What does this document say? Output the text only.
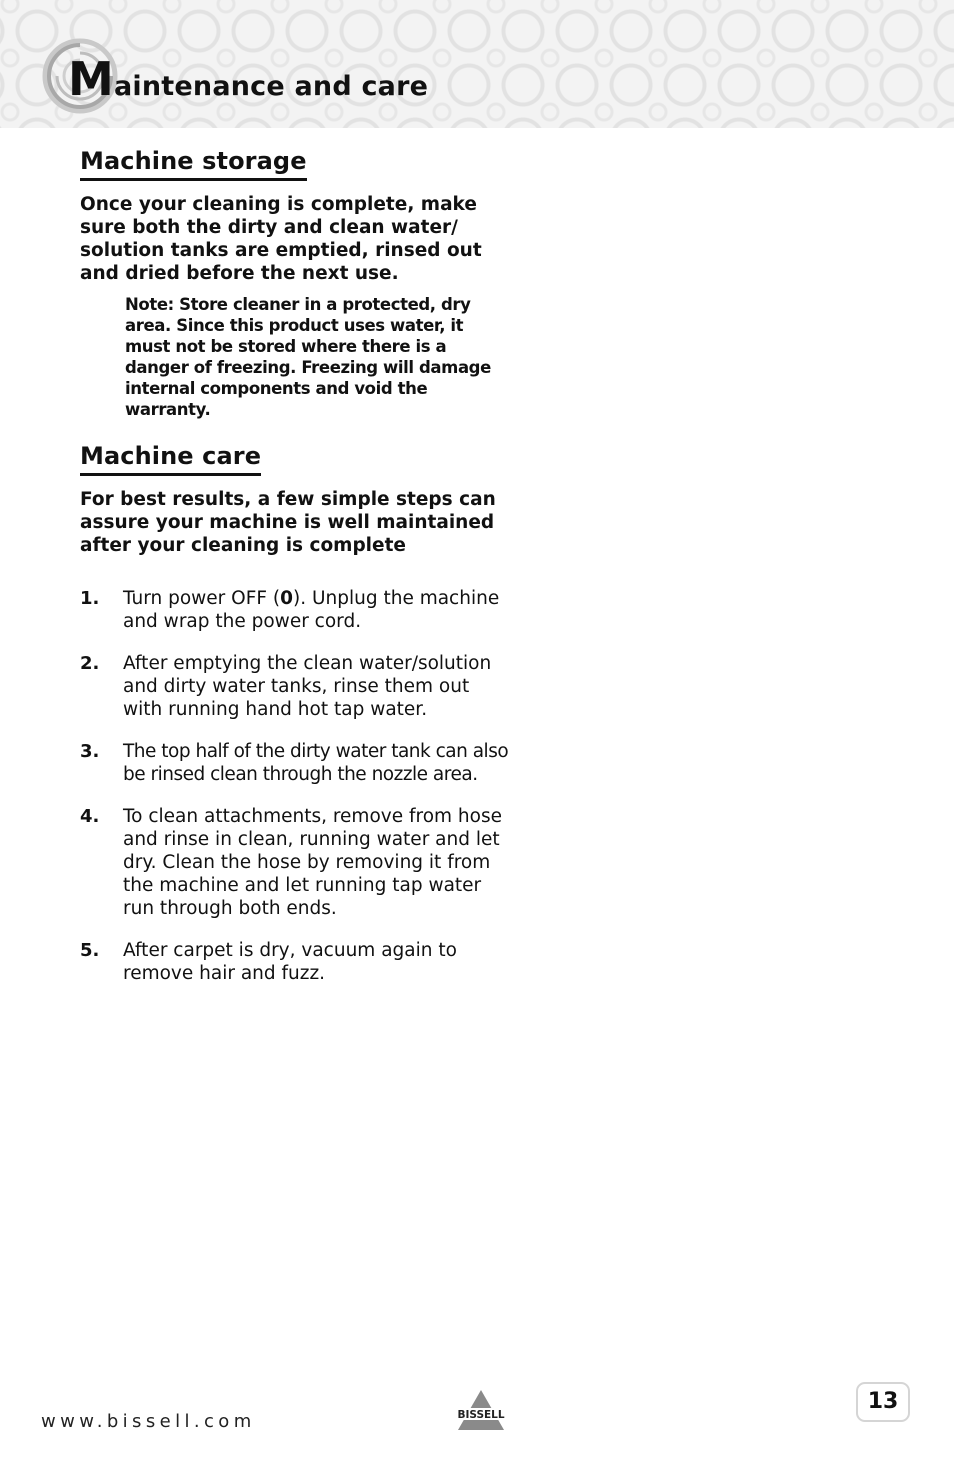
Maintenance and care
Machine storage

Once your cleaning is complete, make sure both the dirty and clean water/ solution tanks are emptied, rinsed out and dried before the next use.

Note: Store cleaner in a protected, dry area. Since this product uses water, it must not be stored where there is a danger of freezing. Freezing will damage internal components and void the warranty.

Machine care

For best results, a few simple steps can assure your machine is well maintained after your cleaning is complete

1.	Turn power OFF (0). Unplug the machine and wrap the power cord.
2.	After emptying the clean water/solution and dirty water tanks, rinse them out with running hand hot tap water.
3.	The top half of the dirty water tank can also be rinsed clean through the nozzle area.
4.	To clean attachments, remove from hose and rinse in clean, running water and let dry. Clean the hose by removing it from the machine and let running tap water run through both ends.
5.	After carpet is dry, vacuum again to remove hair and fuzz.
www.bissell.com	BISSELL
13
